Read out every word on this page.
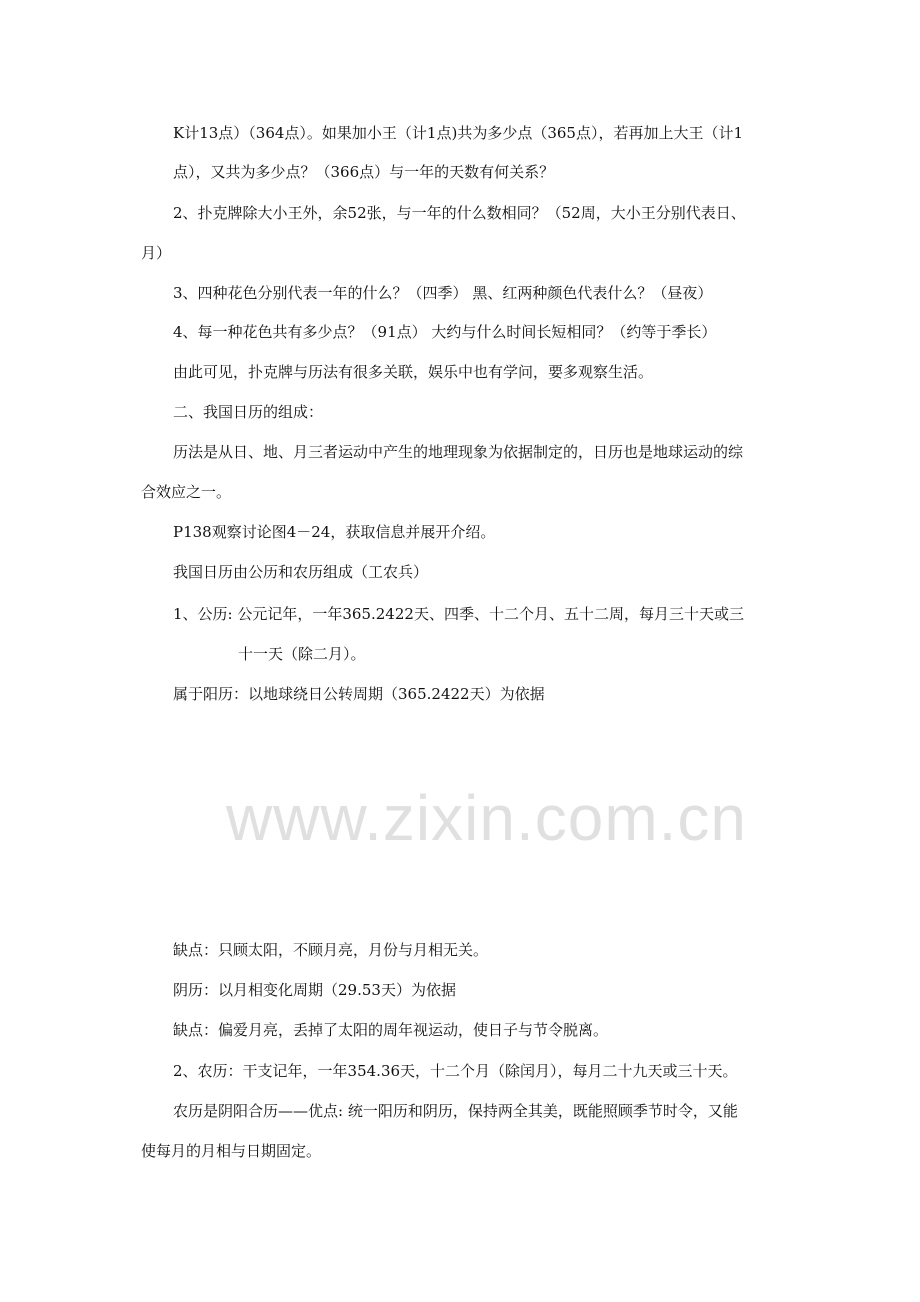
www.zixin.com.cn
K计13点）（364点）。如果加小王（计1点)共为多少点（365点），若再加上大王（计1
点），又共为多少点？（366点）与一年的天数有何关系？
2、扑克牌除大小王外，余52张，与一年的什么数相同？（52周，大小王分别代表日、
月）
3、四种花色分别代表一年的什么？（四季） 黑、红两种颜色代表什么？（昼夜）
4、每一种花色共有多少点？（91点） 大约与什么时间长短相同？（约等于季长）
由此可见，扑克牌与历法有很多关联，娱乐中也有学问，要多观察生活。
二、我国日历的组成：
历法是从日、地、月三者运动中产生的地理现象为依据制定的，日历也是地球运动的综
合效应之一。
P138观察讨论图4－24，获取信息并展开介绍。
我国日历由公历和农历组成（工农兵）
1、公历: 公元记年，一年365.2422天、四季、十二个月、五十二周，每月三十天或三
十一天（除二月）。
属于阳历：以地球绕日公转周期（365.2422天）为依据
缺点：只顾太阳，不顾月亮，月份与月相无关。
阴历：以月相变化周期（29.53天）为依据
缺点：偏爱月亮，丢掉了太阳的周年视运动，使日子与节令脱离。
2、农历：干支记年，一年354.36天，十二个月（除闰月），每月二十九天或三十天。
农历是阴阳合历——优点: 统一阳历和阴历，保持两全其美，既能照顾季节时令，又能
使每月的月相与日期固定。
